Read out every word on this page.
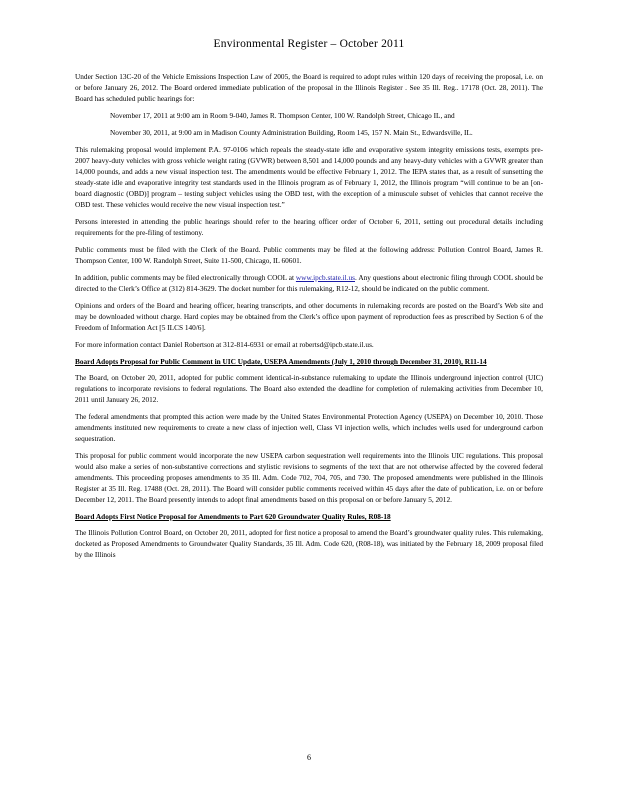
Environmental Register – October 2011

Under Section 13C-20 of the Vehicle Emissions Inspection Law of 2005, the Board is required to adopt rules within 120 days of receiving the proposal, i.e. on or before January 26, 2012. The Board ordered immediate publication of the proposal in the Illinois Register . See 35 Ill. Reg.. 17178 (Oct. 28, 2011). The Board has scheduled public hearings for:

November 17, 2011 at 9:00 am in Room 9-040, James R. Thompson Center, 100 W. Randolph Street, Chicago IL, and

November 30, 2011, at 9:00 am in Madison County Administration Building, Room 145, 157 N. Main St., Edwardsville, IL.

This rulemaking proposal would implement P.A. 97-0106 which repeals the steady-state idle and evaporative system integrity emissions tests, exempts pre-2007 heavy-duty vehicles with gross vehicle weight rating (GVWR) between 8,501 and 14,000 pounds and any heavy-duty vehicles with a GVWR greater than 14,000 pounds, and adds a new visual inspection test. The amendments would be effective February 1, 2012. The IEPA states that, as a result of sunsetting the steady-state idle and evaporative integrity test standards used in the Illinois program as of February 1, 2012, the Illinois program “will continue to be an [on-board diagnostic (OBD)] program – testing subject vehicles using the OBD test, with the exception of a minuscule subset of vehicles that cannot receive the OBD test. These vehicles would receive the new visual inspection test.”

Persons interested in attending the public hearings should refer to the hearing officer order of October 6, 2011, setting out procedural details including requirements for the pre-filing of testimony.

Public comments must be filed with the Clerk of the Board. Public comments may be filed at the following address: Pollution Control Board, James R. Thompson Center, 100 W. Randolph Street, Suite 11-500, Chicago, IL 60601.

In addition, public comments may be filed electronically through COOL at www.ipcb.state.il.us. Any questions about electronic filing through COOL should be directed to the Clerk’s Office at (312) 814-3629. The docket number for this rulemaking, R12-12, should be indicated on the public comment.

Opinions and orders of the Board and hearing officer, hearing transcripts, and other documents in rulemaking records are posted on the Board’s Web site and may be downloaded without charge. Hard copies may be obtained from the Clerk’s office upon payment of reproduction fees as prescribed by Section 6 of the Freedom of Information Act [5 ILCS 140/6].

For more information contact Daniel Robertson at 312-814-6931 or email at robertsd@ipcb.state.il.us.

Board Adopts Proposal for Public Comment in UIC Update, USEPA Amendments (July 1, 2010 through December 31, 2010), R11-14

The Board, on October 20, 2011, adopted for public comment identical-in-substance rulemaking to update the Illinois underground injection control (UIC) regulations to incorporate revisions to federal regulations. The Board also extended the deadline for completion of rulemaking activities from December 10, 2011 until January 26, 2012.

The federal amendments that prompted this action were made by the United States Environmental Protection Agency (USEPA) on December 10, 2010. Those amendments instituted new requirements to create a new class of injection well, Class VI injection wells, which includes wells used for underground carbon sequestration.

This proposal for public comment would incorporate the new USEPA carbon sequestration well requirements into the Illinois UIC regulations. This proposal would also make a series of non-substantive corrections and stylistic revisions to segments of the text that are not otherwise affected by the covered federal amendments. This proceeding proposes amendments to 35 Ill. Adm. Code 702, 704, 705, and 730. The proposed amendments were published in the Illinois Register at 35 Ill. Reg. 17488 (Oct. 28, 2011). The Board will consider public comments received within 45 days after the date of publication, i.e. on or before December 12, 2011. The Board presently intends to adopt final amendments based on this proposal on or before January 5, 2012.

Board Adopts First Notice Proposal for Amendments to Part 620 Groundwater Quality Rules, R08-18

The Illinois Pollution Control Board, on October 20, 2011, adopted for first notice a proposal to amend the Board’s groundwater quality rules. This rulemaking, docketed as Proposed Amendments to Groundwater Quality Standards, 35 Ill. Adm. Code 620, (R08-18), was initiated by the February 18, 2009 proposal filed by the Illinois

6
